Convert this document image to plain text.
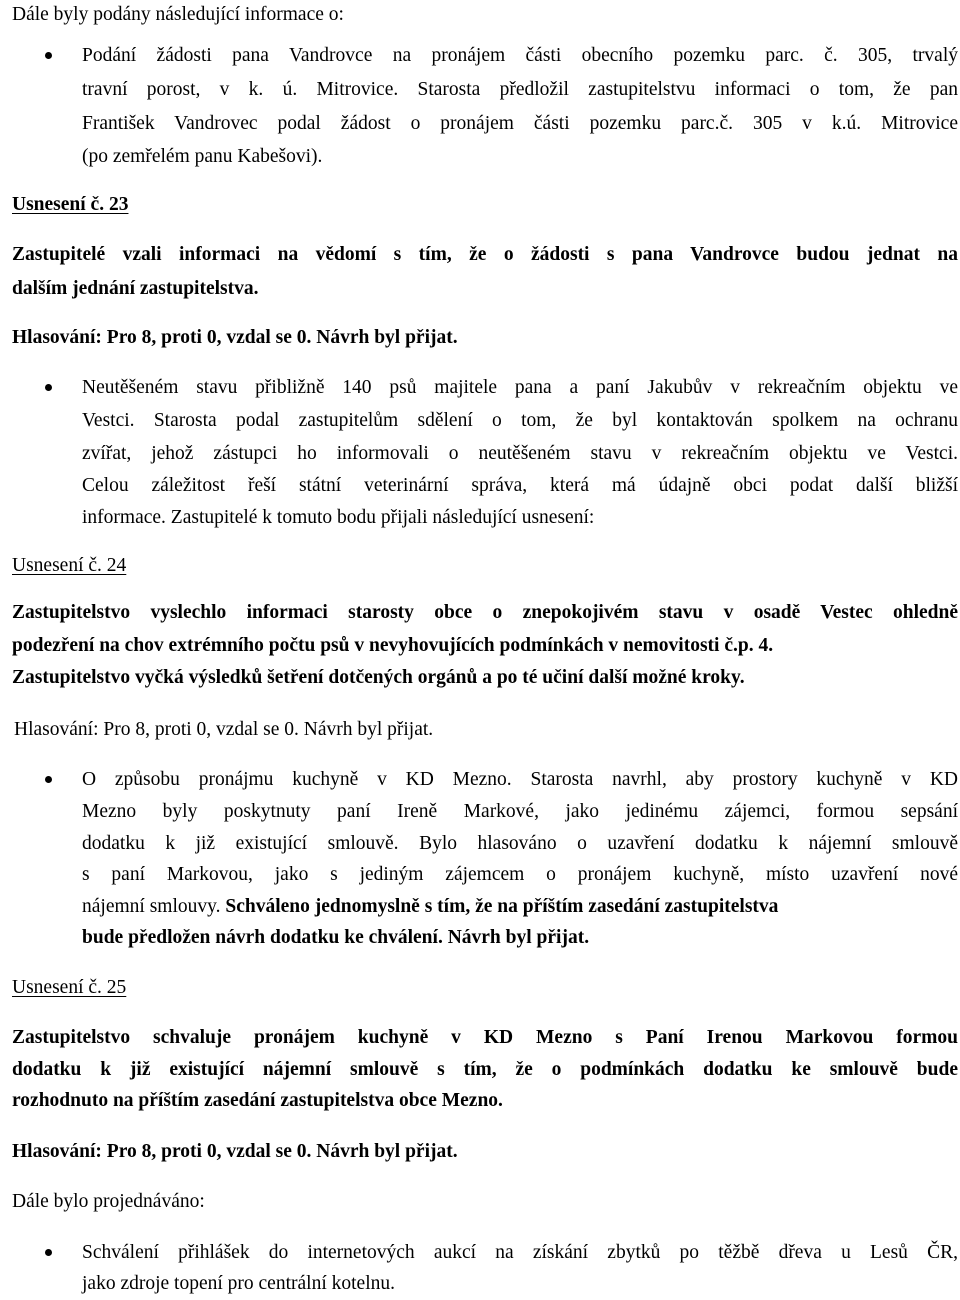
Dále byly podány následující informace o:
Podání žádosti pana Vandrovce na pronájem části obecního pozemku parc. č. 305, trvalý
travní porost, v k. ú. Mitrovice. Starosta předložil zastupitelstvu informaci o tom, že pan
František Vandrovec podal žádost o pronájem části pozemku parc.č. 305 v k.ú. Mitrovice
(po zemřelém panu Kabešovi).
Usnesení č. 23
Zastupitelé vzali informaci na vědomí s tím, že o žádosti s pana Vandrovce budou jednat na
dalším jednání zastupitelstva.
Hlasování: Pro 8, proti 0, vzdal se 0. Návrh byl přijat.
Neutěšeném stavu přibližně 140 psů majitele pana a paní Jakubův v rekreačním objektu ve
Vestci. Starosta podal zastupitelům sdělení o tom, že byl kontaktován spolkem na ochranu
zvířat, jehož zástupci ho informovali o neutěšeném stavu v rekreačním objektu ve Vestci.
Celou záležitost řeší státní veterinární správa, která má údajně obci podat další bližší
informace. Zastupitelé k tomuto bodu přijali následující usnesení:
Usnesení č. 24
Zastupitelstvo vyslechlo informaci starosty obce o znepokojivém stavu v osadě Vestec ohledně
podezření na chov extrémního počtu psů v nevyhovujících podmínkách v nemovitosti č.p. 4.
Zastupitelstvo vyčká výsledků šetření dotčených orgánů a po té učiní další možné kroky.
Hlasování: Pro 8, proti 0, vzdal se 0. Návrh byl přijat.
O způsobu pronájmu kuchyně v KD Mezno. Starosta navrhl, aby prostory kuchyně v KD
Mezno byly poskytnuty paní Ireně Markové, jako jedinému zájemci, formou sepsání
dodatku k již existující smlouvě. Bylo hlasováno o uzavření dodatku k nájemní smlouvě
s paní Markovou, jako s jediným zájemcem o pronájem kuchyně, místo uzavření nové
nájemní smlouvy. Schváleno jednomyslně s tím, že na příštím zasedání zastupitelstva
bude předložen návrh dodatku ke chválení. Návrh byl přijat.
Usnesení č. 25
Zastupitelstvo schvaluje pronájem kuchyně v KD Mezno s Paní Irenou Markovou formou
dodatku k již existující nájemní smlouvě s tím, že o podmínkách dodatku ke smlouvě bude
rozhodnuto na příštím zasedání zastupitelstva obce Mezno.
Hlasování: Pro 8, proti 0, vzdal se 0. Návrh byl přijat.
Dále bylo projednáváno:
Schválení přihlášek do internetových aukcí na získání zbytků po těžbě dřeva u Lesů ČR,
jako zdroje topení pro centrální kotelnu.
